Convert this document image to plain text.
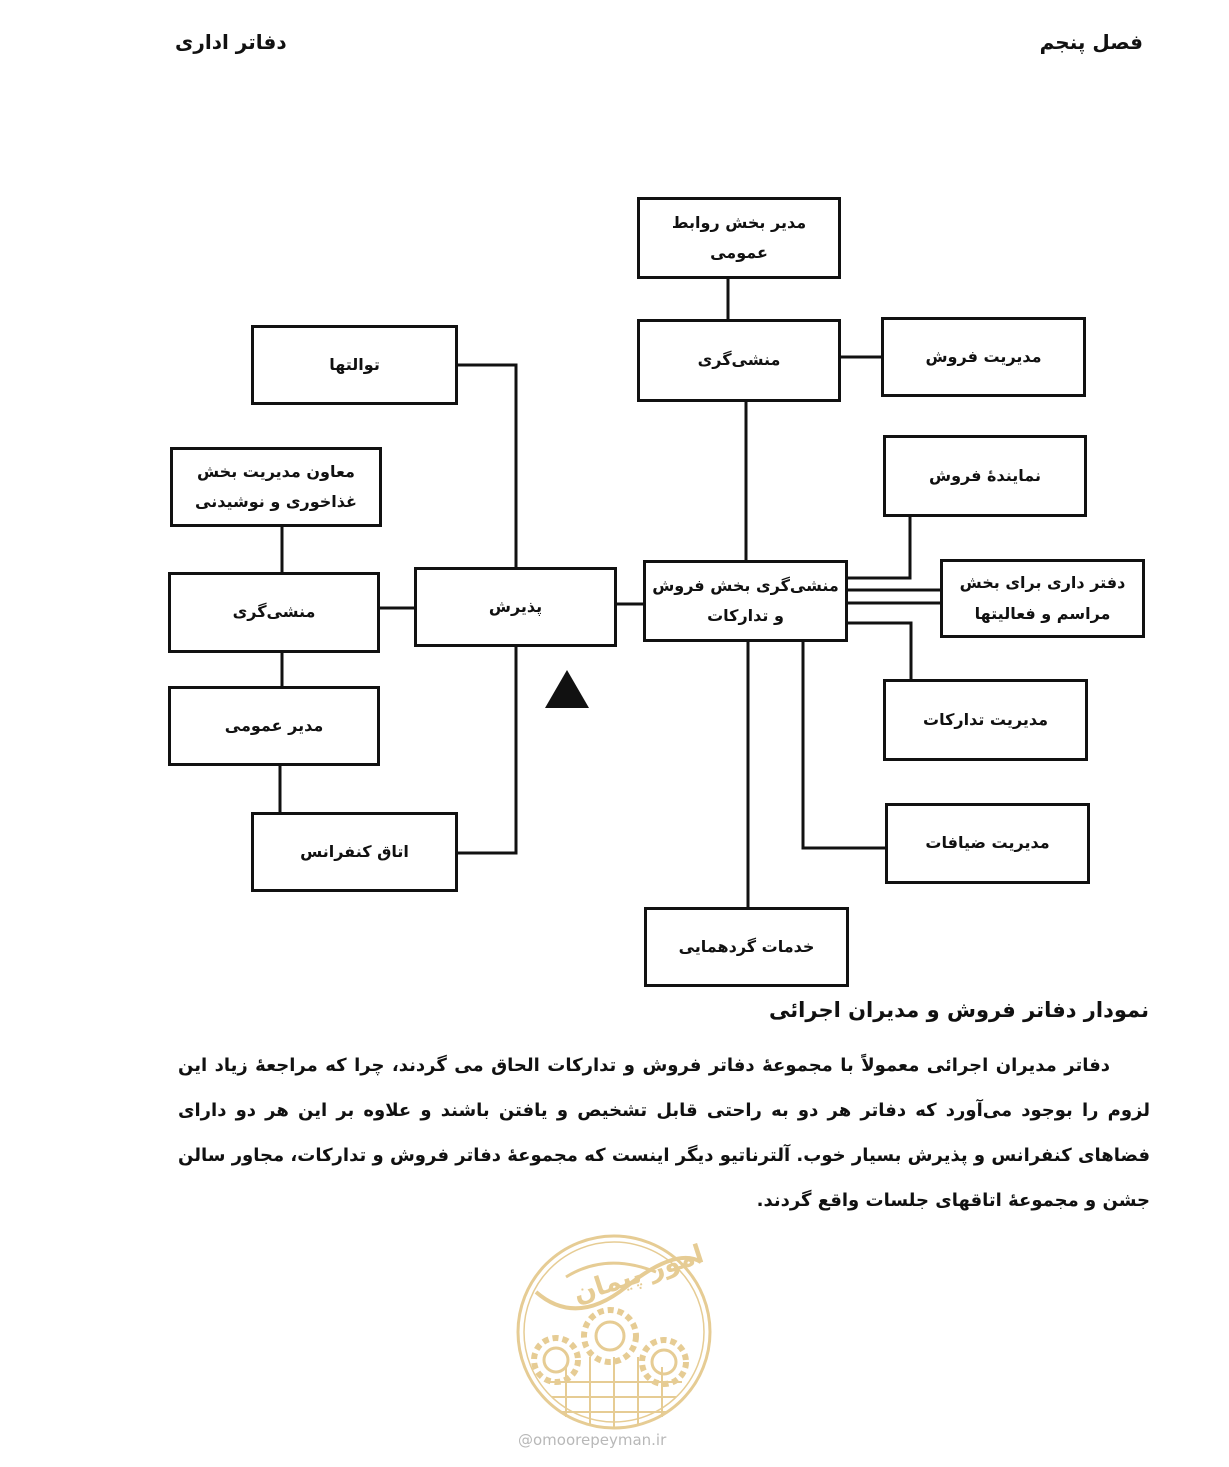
فصل پنجم
دفاتر اداری
مدیر بخش روابط عمومی
منشی‌گری	مدیریت فروش
نمایندهٔ فروش
دفتر داری برای بخش مراسم و فعالیتها
منشی‌گری بخش فروش و تدارکات
مدیریت تدارکات
مدیریت ضیافات
خدمات گردهمایی
توالتها
معاون مدیریت بخش غذاخوری و نوشیدنی
منشی‌گری	پذیرش
مدیر عمومی
اتاق کنفرانس
نمودار دفاتر فروش و مدیران اجرائی

دفاتر مدیران اجرائی معمولاً با مجموعهٔ دفاتر فروش و تدارکات الحاق می گردند، چرا که مراجعهٔ زیاد این لزوم را بوجود می‌آورد که دفاتر هر دو به راحتی قابل تشخیص و یافتن باشند و علاوه بر این هر دو دارای فضاهای کنفرانس و پذیرش بسیار خوب. آلترناتیو دیگر اینست که مجموعهٔ دفاتر فروش و تدارکات، مجاور سالن جشن و مجموعهٔ اتاقهای جلسات واقع گردند.

امور پیمان
@omoorepeyman.ir
